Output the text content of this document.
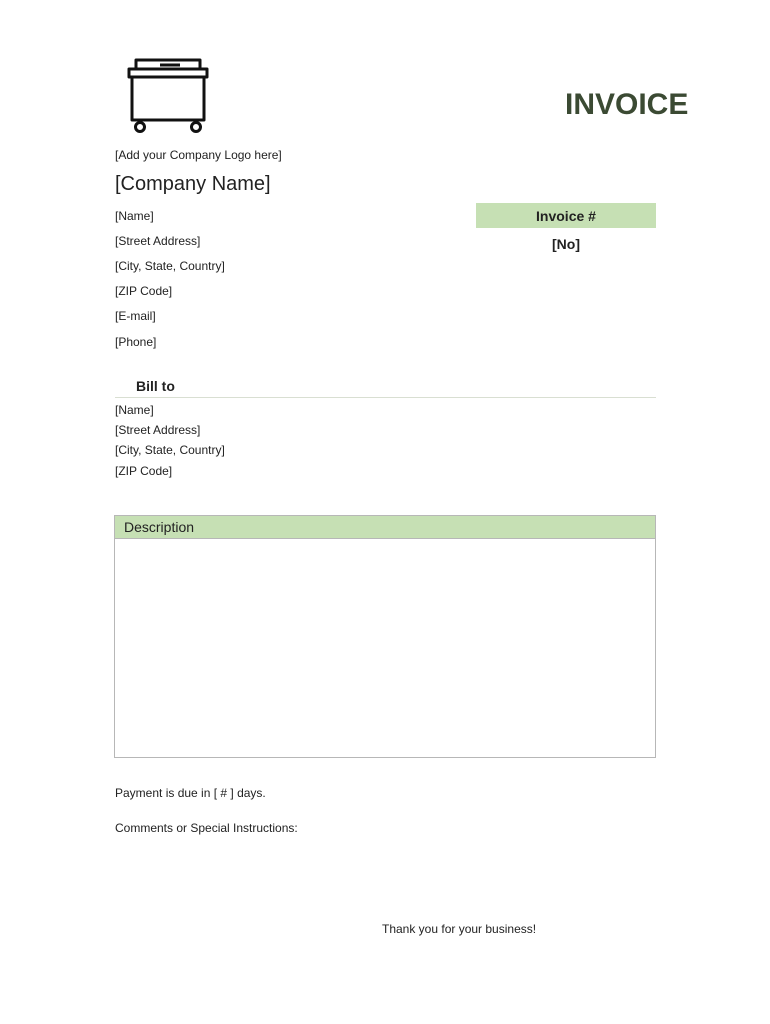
INVOICE
[Add your Company Logo here]
[Company Name]
[Name]
[Street Address]
[City, State, Country]
[ZIP Code]
[E-mail]
[Phone]
Invoice #
[No]
Bill to
[Name]
[Street Address]
[City, State, Country]
[ZIP Code]
Description
Payment is due in [ # ] days.
Comments or Special Instructions:
Thank you for your business!
